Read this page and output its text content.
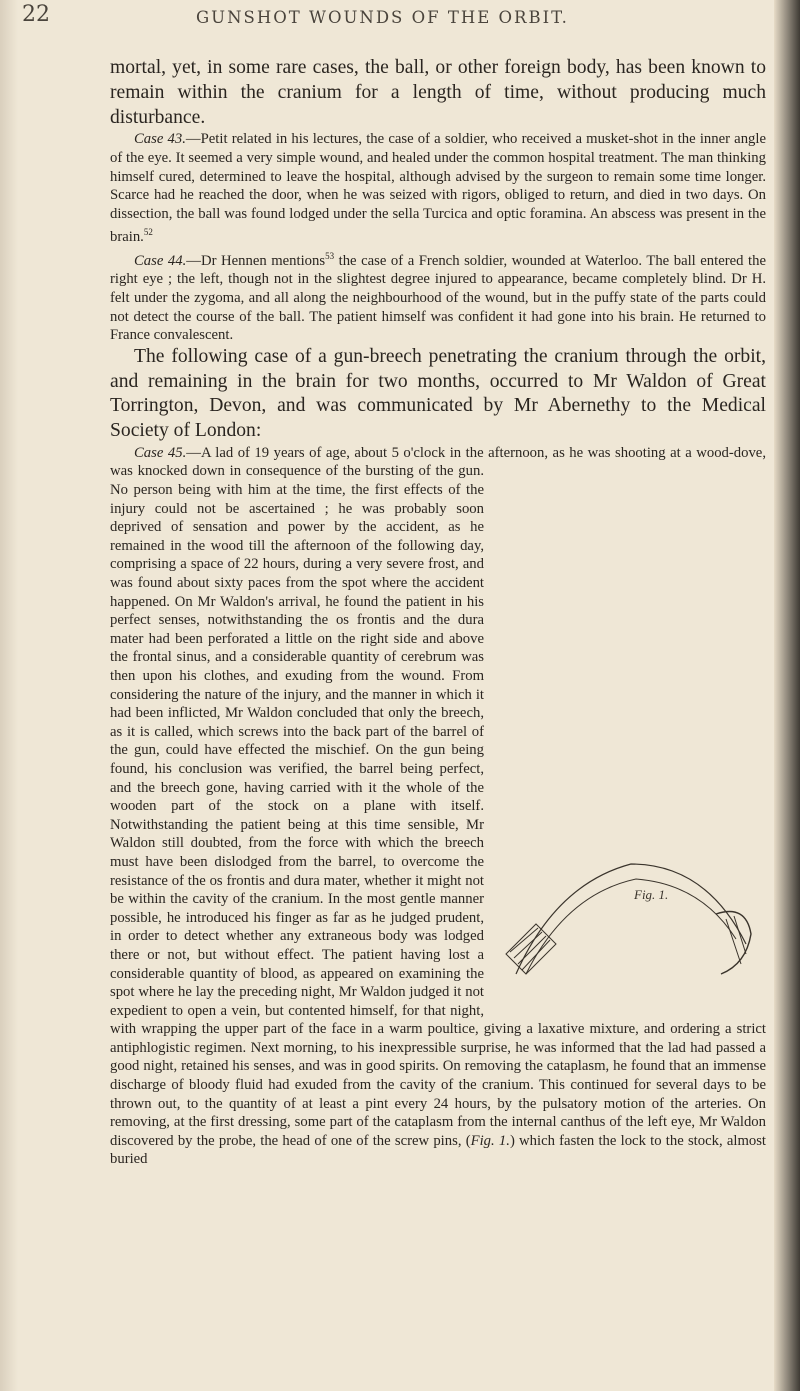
22	GUNSHOT WOUNDS OF THE ORBIT.

mortal, yet, in some rare cases, the ball, or other foreign body, has been known to remain within the cranium for a length of time, without producing much disturbance.

Case 43.—Petit related in his lectures, the case of a soldier, who received a musket-shot in the inner angle of the eye. It seemed a very simple wound, and healed under the common hospital treatment. The man thinking himself cured, determined to leave the hospital, although advised by the surgeon to remain some time longer. Scarce had he reached the door, when he was seized with rigors, obliged to return, and died in two days. On dissection, the ball was found lodged under the sella Turcica and optic foramina. An abscess was present in the brain.$^{52}$

Case 44.—Dr Hennen mentions$^{53}$ the case of a French soldier, wounded at Waterloo. The ball entered the right eye ; the left, though not in the slightest degree injured to appearance, became completely blind. Dr H. felt under the zygoma, and all along the neighbourhood of the wound, but in the puffy state of the parts could not detect the course of the ball. The patient himself was confident it had gone into his brain. He returned to France convalescent.

The following case of a gun-breech penetrating the cranium through the orbit, and remaining in the brain for two months, occurred to Mr Waldon of Great Torrington, Devon, and was communicated by Mr Abernethy to the Medical Society of London:

Case 45.
Fig. 1.
—A lad of 19 years of age, about 5 o'clock in the afternoon, as he was shooting at a wood-dove, was knocked down in consequence of the bursting of the gun. No person being with him at the time, the first effects of the injury could not be ascertained ; he was probably soon deprived of sensation and power by the accident, as he remained in the wood till the afternoon of the following day, comprising a space of 22 hours, during a very severe frost, and was found about sixty paces from the spot where the accident happened. On Mr Waldon's arrival, he found the patient in his perfect senses, notwithstanding the os frontis and the dura mater had been perforated a little on the right side and above the frontal sinus, and a considerable quantity of cerebrum was then upon his clothes, and exuding from the wound. From considering the nature of the injury, and the manner in which it had been inflicted, Mr Waldon concluded that only the breech, as it is called, which screws into the back part of the barrel of the gun, could have effected the mischief. On the gun being found, his conclusion was verified, the barrel being perfect, and the breech gone, having carried with it the whole of the wooden part of the stock on a plane with itself. Notwithstanding the patient being at this time sensible, Mr Waldon still doubted, from the force with which the breech must have been dislodged from the barrel, to overcome the resistance of the os frontis and dura mater, whether it might not be within the cavity of the cranium. In the most gentle manner possible, he introduced his finger as far as he judged prudent, in order to detect whether any extraneous body was lodged there or not, but without effect. The patient having lost a considerable quantity of blood, as appeared on examining the spot where he lay the preceding night, Mr Waldon judged it not expedient to open a vein, but contented himself, for that night, with wrapping the upper part of the face in a warm poultice, giving a laxative mixture, and ordering a strict antiphlogistic regimen. Next morning, to his inexpressible surprise, he was informed that the lad had passed a good night, retained his senses, and was in good spirits. On removing the cataplasm, he found that an immense discharge of bloody fluid had exuded from the cavity of the cranium. This continued for several days to be thrown out, to the quantity of at least a pint every 24 hours, by the pulsatory motion of the arteries. On removing, at the first dressing, some part of the cataplasm from the internal canthus of the left eye, Mr Waldon discovered by the probe, the head of one of the screw pins, (Fig. 1.) which fasten the lock to the stock, almost buried
